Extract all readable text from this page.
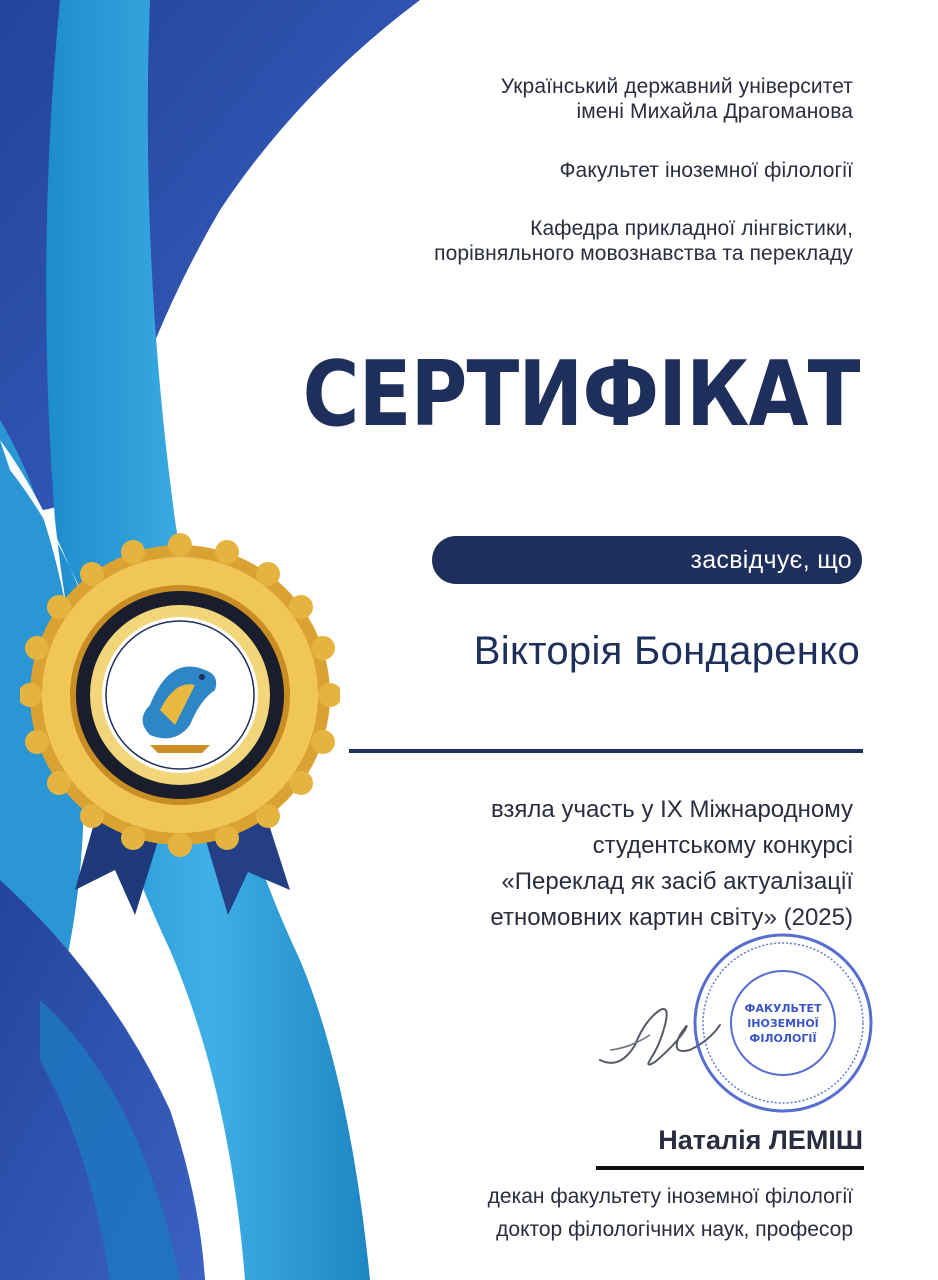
Український державний університет
імені Михайла Драгоманова
Факультет іноземної філології
Кафедра прикладної лінгвістики,
порівняльного мовознавства та перекладу
СЕРТИФІКАТ
засвідчує, що
Вікторія Бондаренко
взяла участь у IX Міжнародному
студентському конкурсі
«Переклад як засіб актуалізації
етномовних картин світу» (2025)
ФАКУЛЬТЕТ
ІНОЗЕМНОЇ
ФІЛОЛОГІЇ
Наталія ЛЕМІШ
декан факультету іноземної філології
доктор філологічних наук, професор
